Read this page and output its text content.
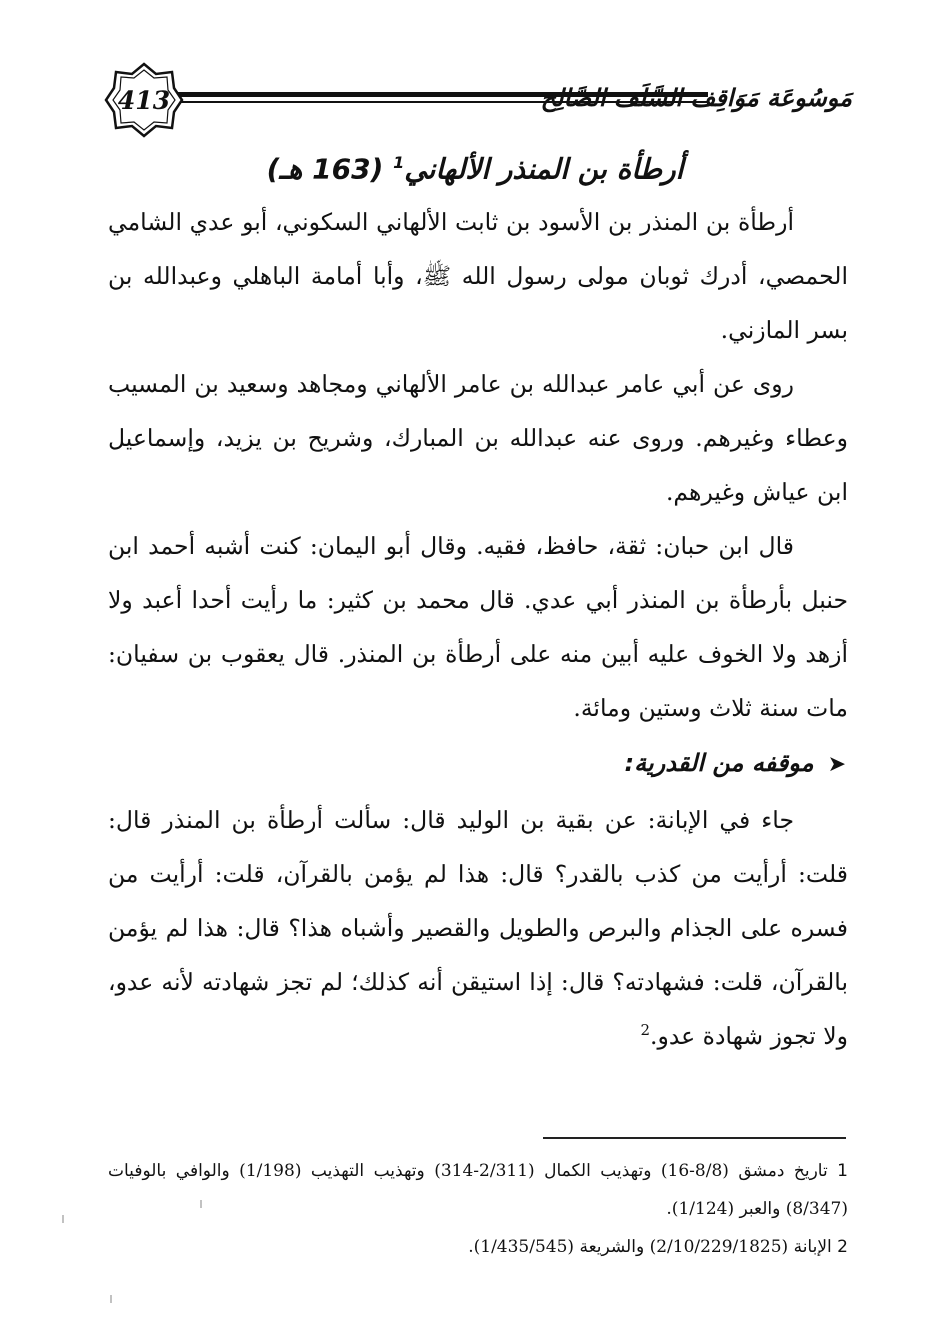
413	مَوسُوعَة مَوَاقِف السَّلَف الصَّالِح
أرطأة بن المنذر الألهاني$^1$ (163 هـ)

أرطأة بن المنذر بن الأسود بن ثابت الألهاني السكوني، أبو عدي الشامي الحمصي، أدرك ثوبان مولى رسول الله ﷺ، وأبا أمامة الباهلي وعبدالله بن بسر المازني.

روى عن أبي عامر عبدالله بن عامر الألهاني ومجاهد وسعيد بن المسيب وعطاء وغيرهم. وروى عنه عبدالله بن المبارك، وشريح بن يزيد، وإسماعيل ابن عياش وغيرهم.

قال ابن حبان: ثقة، حافظ، فقيه. وقال أبو اليمان: كنت أشبه أحمد ابن حنبل بأرطأة بن المنذر أبي عدي. قال محمد بن كثير: ما رأيت أحدا أعبد ولا أزهد ولا الخوف عليه أبين منه على أرطأة بن المنذر. قال يعقوب بن سفيان: مات سنة ثلاث وستين ومائة.

➤موقفه من القدرية:

جاء في الإبانة: عن بقية بن الوليد قال: سألت أرطأة بن المنذر قال: قلت: أرأيت من كذب بالقدر؟ قال: هذا لم يؤمن بالقرآن، قلت: أرأيت من فسره على الجذام والبرص والطويل والقصير وأشباه هذا؟ قال: هذا لم يؤمن بالقرآن، قلت: فشهادته؟ قال: إذا استيقن أنه كذلك؛ لم تجز شهادته لأنه عدو، ولا تجوز شهادة عدو.$^2$

1 تاريخ دمشق (8/8-16) وتهذيب الكمال (2/311-314) وتهذيب التهذيب (1/198) والوافي بالوفيات (8/347) والعبر (1/124).

2 الإبانة (2/10/229/1825) والشريعة (1/435/545).
